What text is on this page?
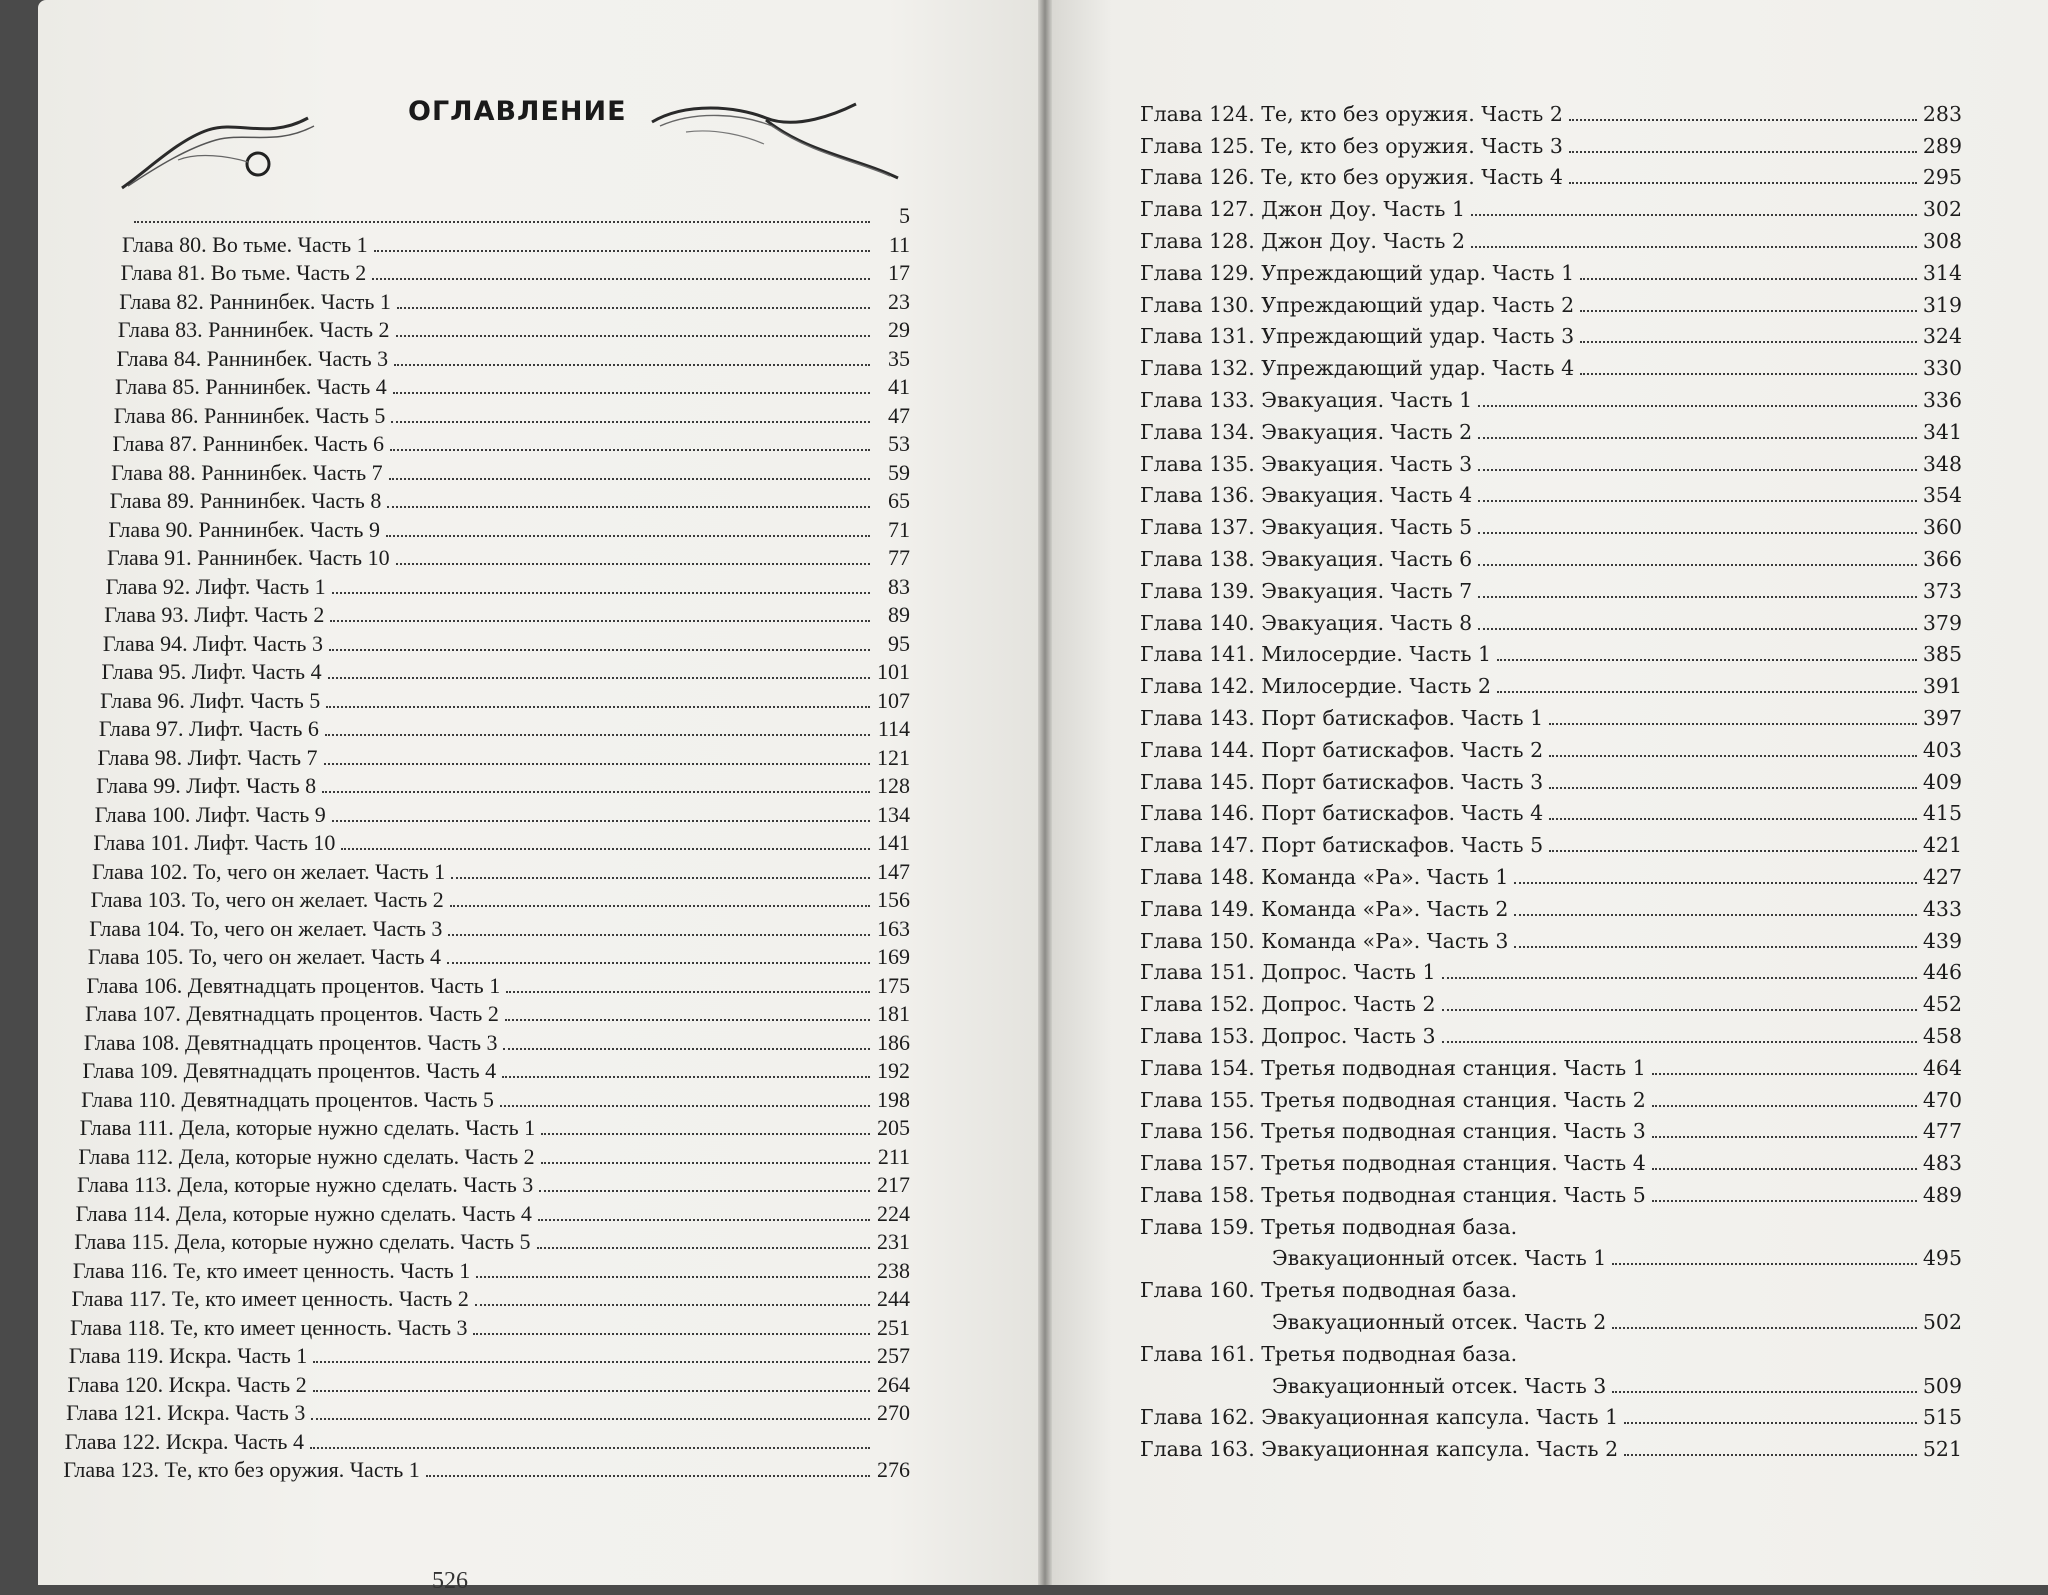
ОГЛАВЛЕНИЕ
5
Глава 80. Во тьме. Часть 1	11
Глава 81. Во тьме. Часть 2	17
Глава 82. Раннинбек. Часть 1	23
Глава 83. Раннинбек. Часть 2	29
Глава 84. Раннинбек. Часть 3	35
Глава 85. Раннинбек. Часть 4	41
Глава 86. Раннинбек. Часть 5	47
Глава 87. Раннинбек. Часть 6	53
Глава 88. Раннинбек. Часть 7	59
Глава 89. Раннинбек. Часть 8	65
Глава 90. Раннинбек. Часть 9	71
Глава 91. Раннинбек. Часть 10	77
Глава 92. Лифт. Часть 1	83
Глава 93. Лифт. Часть 2	89
Глава 94. Лифт. Часть 3	95
Глава 95. Лифт. Часть 4	101
Глава 96. Лифт. Часть 5	107
Глава 97. Лифт. Часть 6	114
Глава 98. Лифт. Часть 7	121
Глава 99. Лифт. Часть 8	128
Глава 100. Лифт. Часть 9	134
Глава 101. Лифт. Часть 10	141
Глава 102. То, чего он желает. Часть 1	147
Глава 103. То, чего он желает. Часть 2	156
Глава 104. То, чего он желает. Часть 3	163
Глава 105. То, чего он желает. Часть 4	169
Глава 106. Девятнадцать процентов. Часть 1	175
Глава 107. Девятнадцать процентов. Часть 2	181
Глава 108. Девятнадцать процентов. Часть 3	186
Глава 109. Девятнадцать процентов. Часть 4	192
Глава 110. Девятнадцать процентов. Часть 5	198
Глава 111. Дела, которые нужно сделать. Часть 1	205
Глава 112. Дела, которые нужно сделать. Часть 2	211
Глава 113. Дела, которые нужно сделать. Часть 3	217
Глава 114. Дела, которые нужно сделать. Часть 4	224
Глава 115. Дела, которые нужно сделать. Часть 5	231
Глава 116. Те, кто имеет ценность. Часть 1	238
Глава 117. Те, кто имеет ценность. Часть 2	244
Глава 118. Те, кто имеет ценность. Часть 3	251
Глава 119. Искра. Часть 1	257
Глава 120. Искра. Часть 2	264
Глава 121. Искра. Часть 3	270
Глава 122. Искра. Часть 4
Глава 123. Те, кто без оружия. Часть 1	276
Глава 124. Те, кто без оружия. Часть 2	283
Глава 125. Те, кто без оружия. Часть 3	289
Глава 126. Те, кто без оружия. Часть 4	295
Глава 127. Джон Доу. Часть 1	302
Глава 128. Джон Доу. Часть 2	308
Глава 129. Упреждающий удар. Часть 1	314
Глава 130. Упреждающий удар. Часть 2	319
Глава 131. Упреждающий удар. Часть 3	324
Глава 132. Упреждающий удар. Часть 4	330
Глава 133. Эвакуация. Часть 1	336
Глава 134. Эвакуация. Часть 2	341
Глава 135. Эвакуация. Часть 3	348
Глава 136. Эвакуация. Часть 4	354
Глава 137. Эвакуация. Часть 5	360
Глава 138. Эвакуация. Часть 6	366
Глава 139. Эвакуация. Часть 7	373
Глава 140. Эвакуация. Часть 8	379
Глава 141. Милосердие. Часть 1	385
Глава 142. Милосердие. Часть 2	391
Глава 143. Порт батискафов. Часть 1	397
Глава 144. Порт батискафов. Часть 2	403
Глава 145. Порт батискафов. Часть 3	409
Глава 146. Порт батискафов. Часть 4	415
Глава 147. Порт батискафов. Часть 5	421
Глава 148. Команда «Ра». Часть 1	427
Глава 149. Команда «Ра». Часть 2	433
Глава 150. Команда «Ра». Часть 3	439
Глава 151. Допрос. Часть 1	446
Глава 152. Допрос. Часть 2	452
Глава 153. Допрос. Часть 3	458
Глава 154. Третья подводная станция. Часть 1	464
Глава 155. Третья подводная станция. Часть 2	470
Глава 156. Третья подводная станция. Часть 3	477
Глава 157. Третья подводная станция. Часть 4	483
Глава 158. Третья подводная станция. Часть 5	489
Глава 159. Третья подводная база.
Эвакуационный отсек. Часть 1	495
Глава 160. Третья подводная база.
Эвакуационный отсек. Часть 2	502
Глава 161. Третья подводная база.
Эвакуационный отсек. Часть 3	509
Глава 162. Эвакуационная капсула. Часть 1	515
Глава 163. Эвакуационная капсула. Часть 2	521
526
